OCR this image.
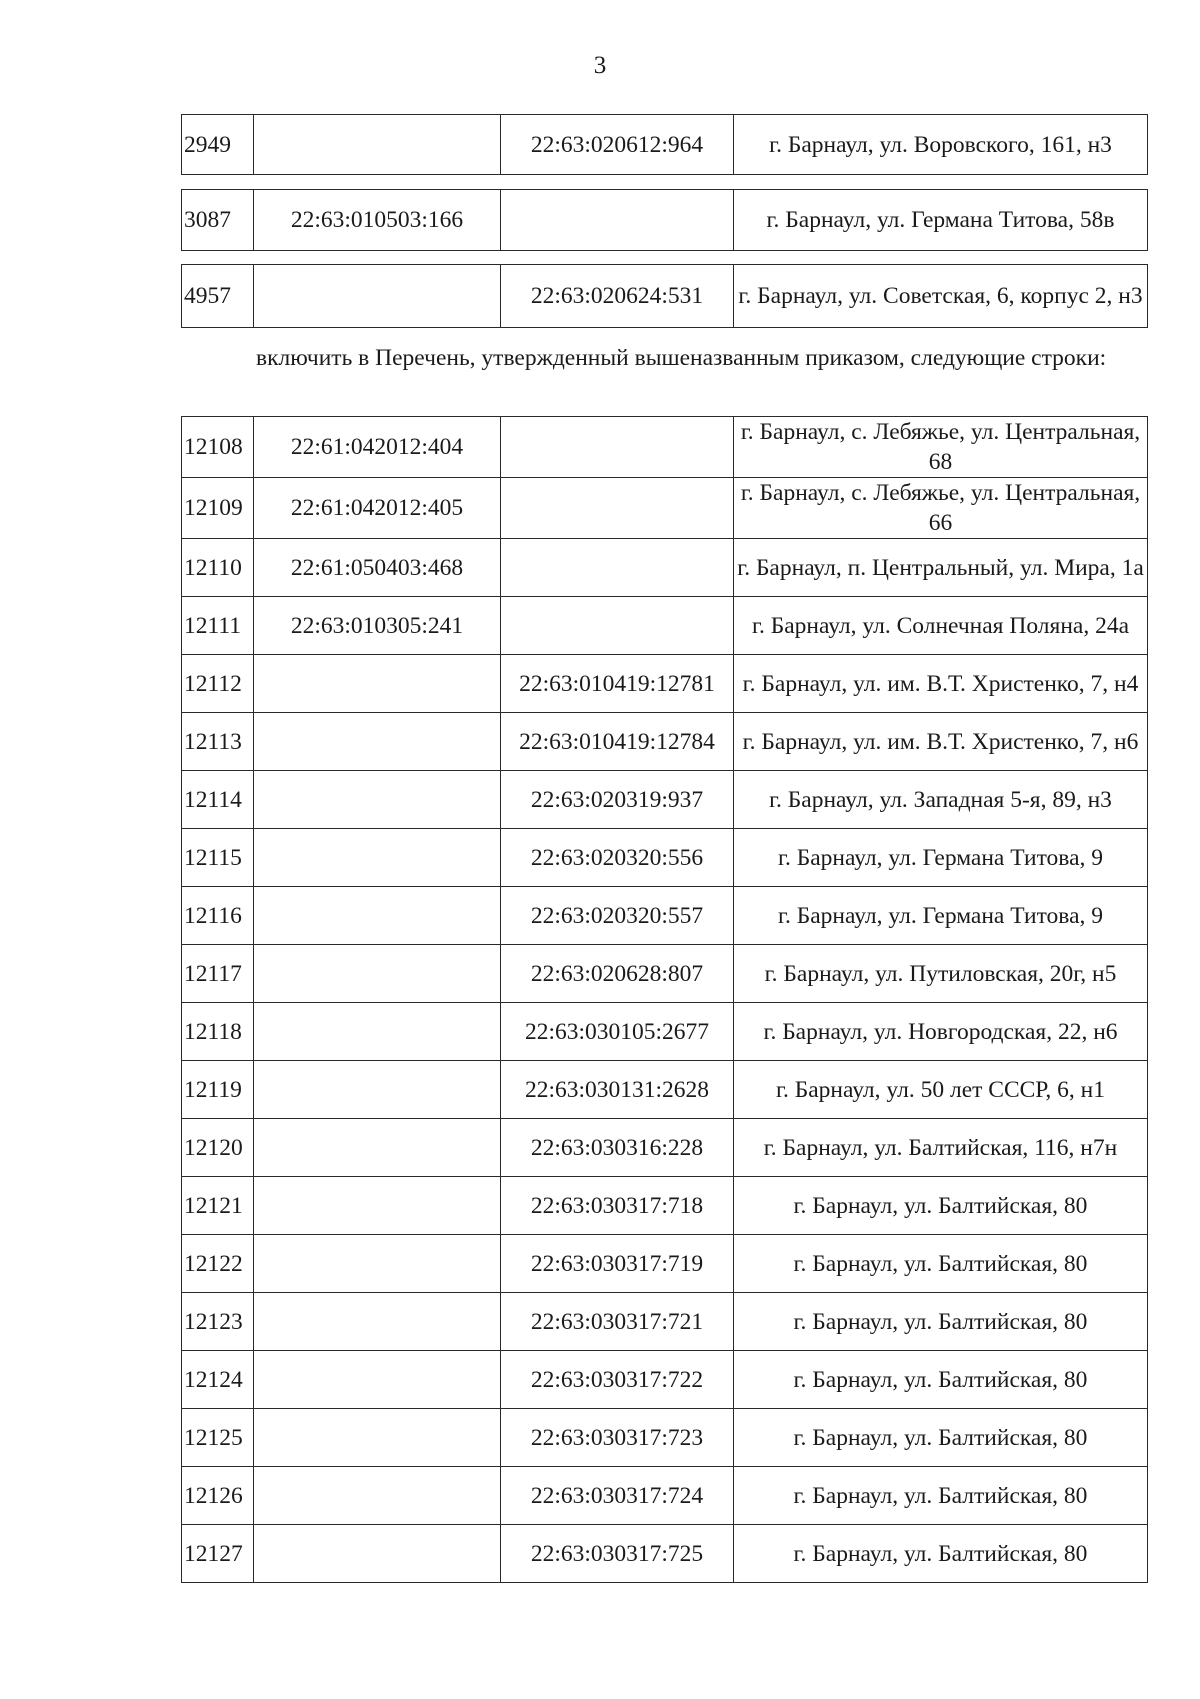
3
2949		22:63:020612:964	г. Барнаул, ул. Воровского, 161, н3
3087	22:63:010503:166		г. Барнаул, ул. Германа Титова, 58в
4957		22:63:020624:531	г. Барнаул, ул. Советская, 6, корпус 2, н3
включить в Перечень, утвержденный вышеназванным приказом, следующие строки:
12108	22:61:042012:404		г. Барнаул, с. Лебяжье, ул. Центральная, 68
12109	22:61:042012:405		г. Барнаул, с. Лебяжье, ул. Центральная, 66
12110	22:61:050403:468		г. Барнаул, п. Центральный, ул. Мира, 1а
12111	22:63:010305:241		г. Барнаул, ул. Солнечная Поляна, 24а
12112		22:63:010419:12781	г. Барнаул, ул. им. В.Т. Христенко, 7, н4
12113		22:63:010419:12784	г. Барнаул, ул. им. В.Т. Христенко, 7, н6
12114		22:63:020319:937	г. Барнаул, ул. Западная 5-я, 89, н3
12115		22:63:020320:556	г. Барнаул, ул. Германа Титова, 9
12116		22:63:020320:557	г. Барнаул, ул. Германа Титова, 9
12117		22:63:020628:807	г. Барнаул, ул. Путиловская, 20г, н5
12118		22:63:030105:2677	г. Барнаул, ул. Новгородская, 22, н6
12119		22:63:030131:2628	г. Барнаул, ул. 50 лет СССР, 6, н1
12120		22:63:030316:228	г. Барнаул, ул. Балтийская, 116, н7н
12121		22:63:030317:718	г. Барнаул, ул. Балтийская, 80
12122		22:63:030317:719	г. Барнаул, ул. Балтийская, 80
12123		22:63:030317:721	г. Барнаул, ул. Балтийская, 80
12124		22:63:030317:722	г. Барнаул, ул. Балтийская, 80
12125		22:63:030317:723	г. Барнаул, ул. Балтийская, 80
12126		22:63:030317:724	г. Барнаул, ул. Балтийская, 80
12127		22:63:030317:725	г. Барнаул, ул. Балтийская, 80
